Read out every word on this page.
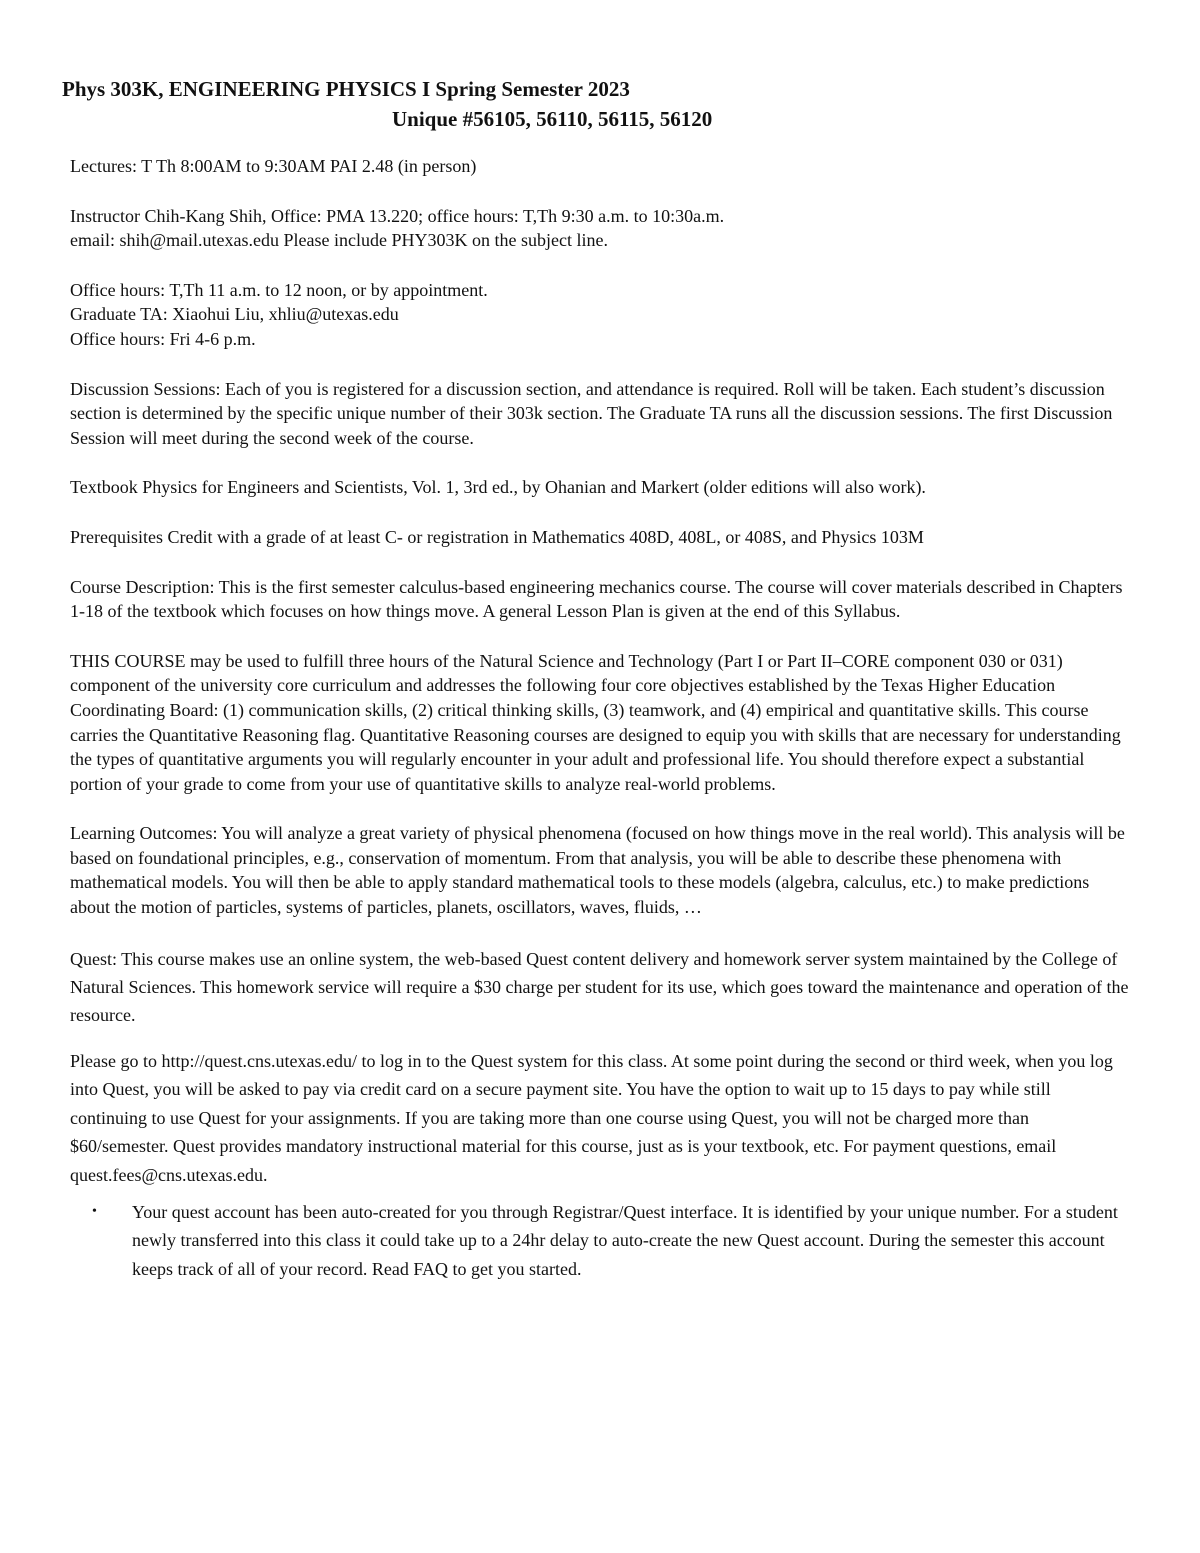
Phys 303K, ENGINEERING PHYSICS I Spring Semester 2023
Unique #56105, 56110, 56115, 56120

Lectures: T Th 8:00AM to 9:30AM PAI 2.48 (in person)

Instructor Chih-Kang Shih, Office: PMA 13.220; office hours: T,Th 9:30 a.m. to 10:30a.m.

email: shih@mail.utexas.edu Please include PHY303K on the subject line.

Office hours: T,Th 11 a.m. to 12 noon, or by appointment.

Graduate TA: Xiaohui Liu, xhliu@utexas.edu

Office hours: Fri 4-6 p.m.

Discussion Sessions: Each of you is registered for a discussion section, and attendance is required. Roll will be taken. Each student’s discussion section is determined by the specific unique number of their 303k section. The Graduate TA runs all the discussion sessions. The first Discussion Session will meet during the second week of the course.

Textbook Physics for Engineers and Scientists, Vol. 1, 3rd ed., by Ohanian and Markert (older editions will also work).

Prerequisites Credit with a grade of at least C- or registration in Mathematics 408D, 408L, or 408S, and Physics 103M

Course Description: This is the first semester calculus-based engineering mechanics course. The course will cover materials described in Chapters 1-18 of the textbook which focuses on how things move. A general Lesson Plan is given at the end of this Syllabus.

THIS COURSE may be used to fulfill three hours of the Natural Science and Technology (Part I or Part II–CORE component 030 or 031) component of the university core curriculum and addresses the following four core objectives established by the Texas Higher Education Coordinating Board: (1) communication skills, (2) critical thinking skills, (3) teamwork, and (4) empirical and quantitative skills. This course carries the Quantitative Reasoning flag. Quantitative Reasoning courses are designed to equip you with skills that are necessary for understanding the types of quantitative arguments you will regularly encounter in your adult and professional life. You should therefore expect a substantial portion of your grade to come from your use of quantitative skills to analyze real-world problems.

Learning Outcomes: You will analyze a great variety of physical phenomena (focused on how things move in the real world). This analysis will be based on foundational principles, e.g., conservation of momentum. From that analysis, you will be able to describe these phenomena with mathematical models. You will then be able to apply standard mathematical tools to these models (algebra, calculus, etc.) to make predictions about the motion of particles, systems of particles, planets, oscillators, waves, fluids, …

Quest: This course makes use an online system, the web-based Quest content delivery and homework server system maintained by the College of Natural Sciences. This homework service will require a $30 charge per student for its use, which goes toward the maintenance and operation of the resource.

Please go to http://quest.cns.utexas.edu/ to log in to the Quest system for this class. At some point during the second or third week, when you log into Quest, you will be asked to pay via credit card on a secure payment site. You have the option to wait up to 15 days to pay while still continuing to use Quest for your assignments. If you are taking more than one course using Quest, you will not be charged more than $60/semester. Quest provides mandatory instructional material for this course, just as is your textbook, etc. For payment questions, email quest.fees@cns.utexas.edu.

• Your quest account has been auto-created for you through Registrar/Quest interface. It is identified by your unique number. For a student newly transferred into this class it could take up to a 24hr delay to auto-create the new Quest account. During the semester this account keeps track of all of your record. Read FAQ to get you started.
